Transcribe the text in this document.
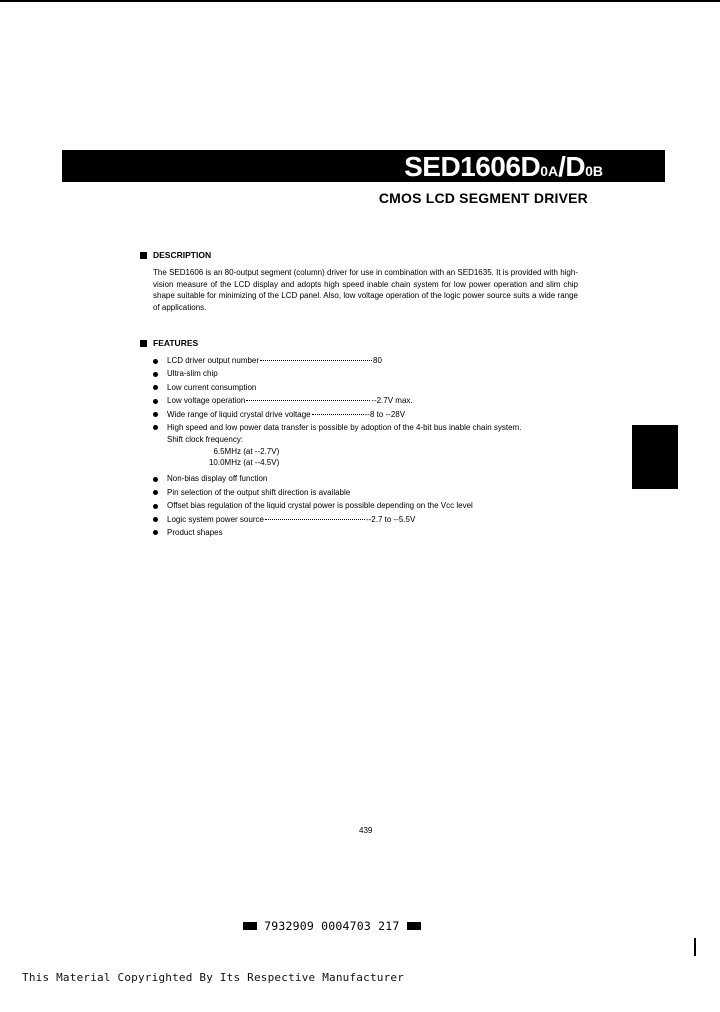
SED1606D0A/D0B
CMOS LCD SEGMENT DRIVER
DESCRIPTION
The SED1606 is an 80-output segment (column) driver for use in combination with an SED1635. It is provided with high-vision measure of the LCD display and adopts high speed inable chain system for low power operation and slim chip shape suitable for minimizing of the LCD panel. Also, low voltage operation of the logic power source suits a wide range of applications.
FEATURES
LCD driver output number	80
Ultra-slim chip
Low current consumption
Low voltage operation	--2.7V max.
Wide range of liquid crystal drive voltage	--8 to --28V
High speed and low power data transfer is possible by adoption of the 4-bit bus inable chain system.
Shift clock frequency:
6.5MHz (at --2.7V)
10.0MHz (at --4.5V)
Non-bias display off function
Pin selection of the output shift direction is available
Offset bias regulation of the liquid crystal power is possible depending on the Vcc level
Logic system power source	--2.7 to --5.5V
Product shapes
439
7932909 0004703 217
This Material Copyrighted By Its Respective Manufacturer
